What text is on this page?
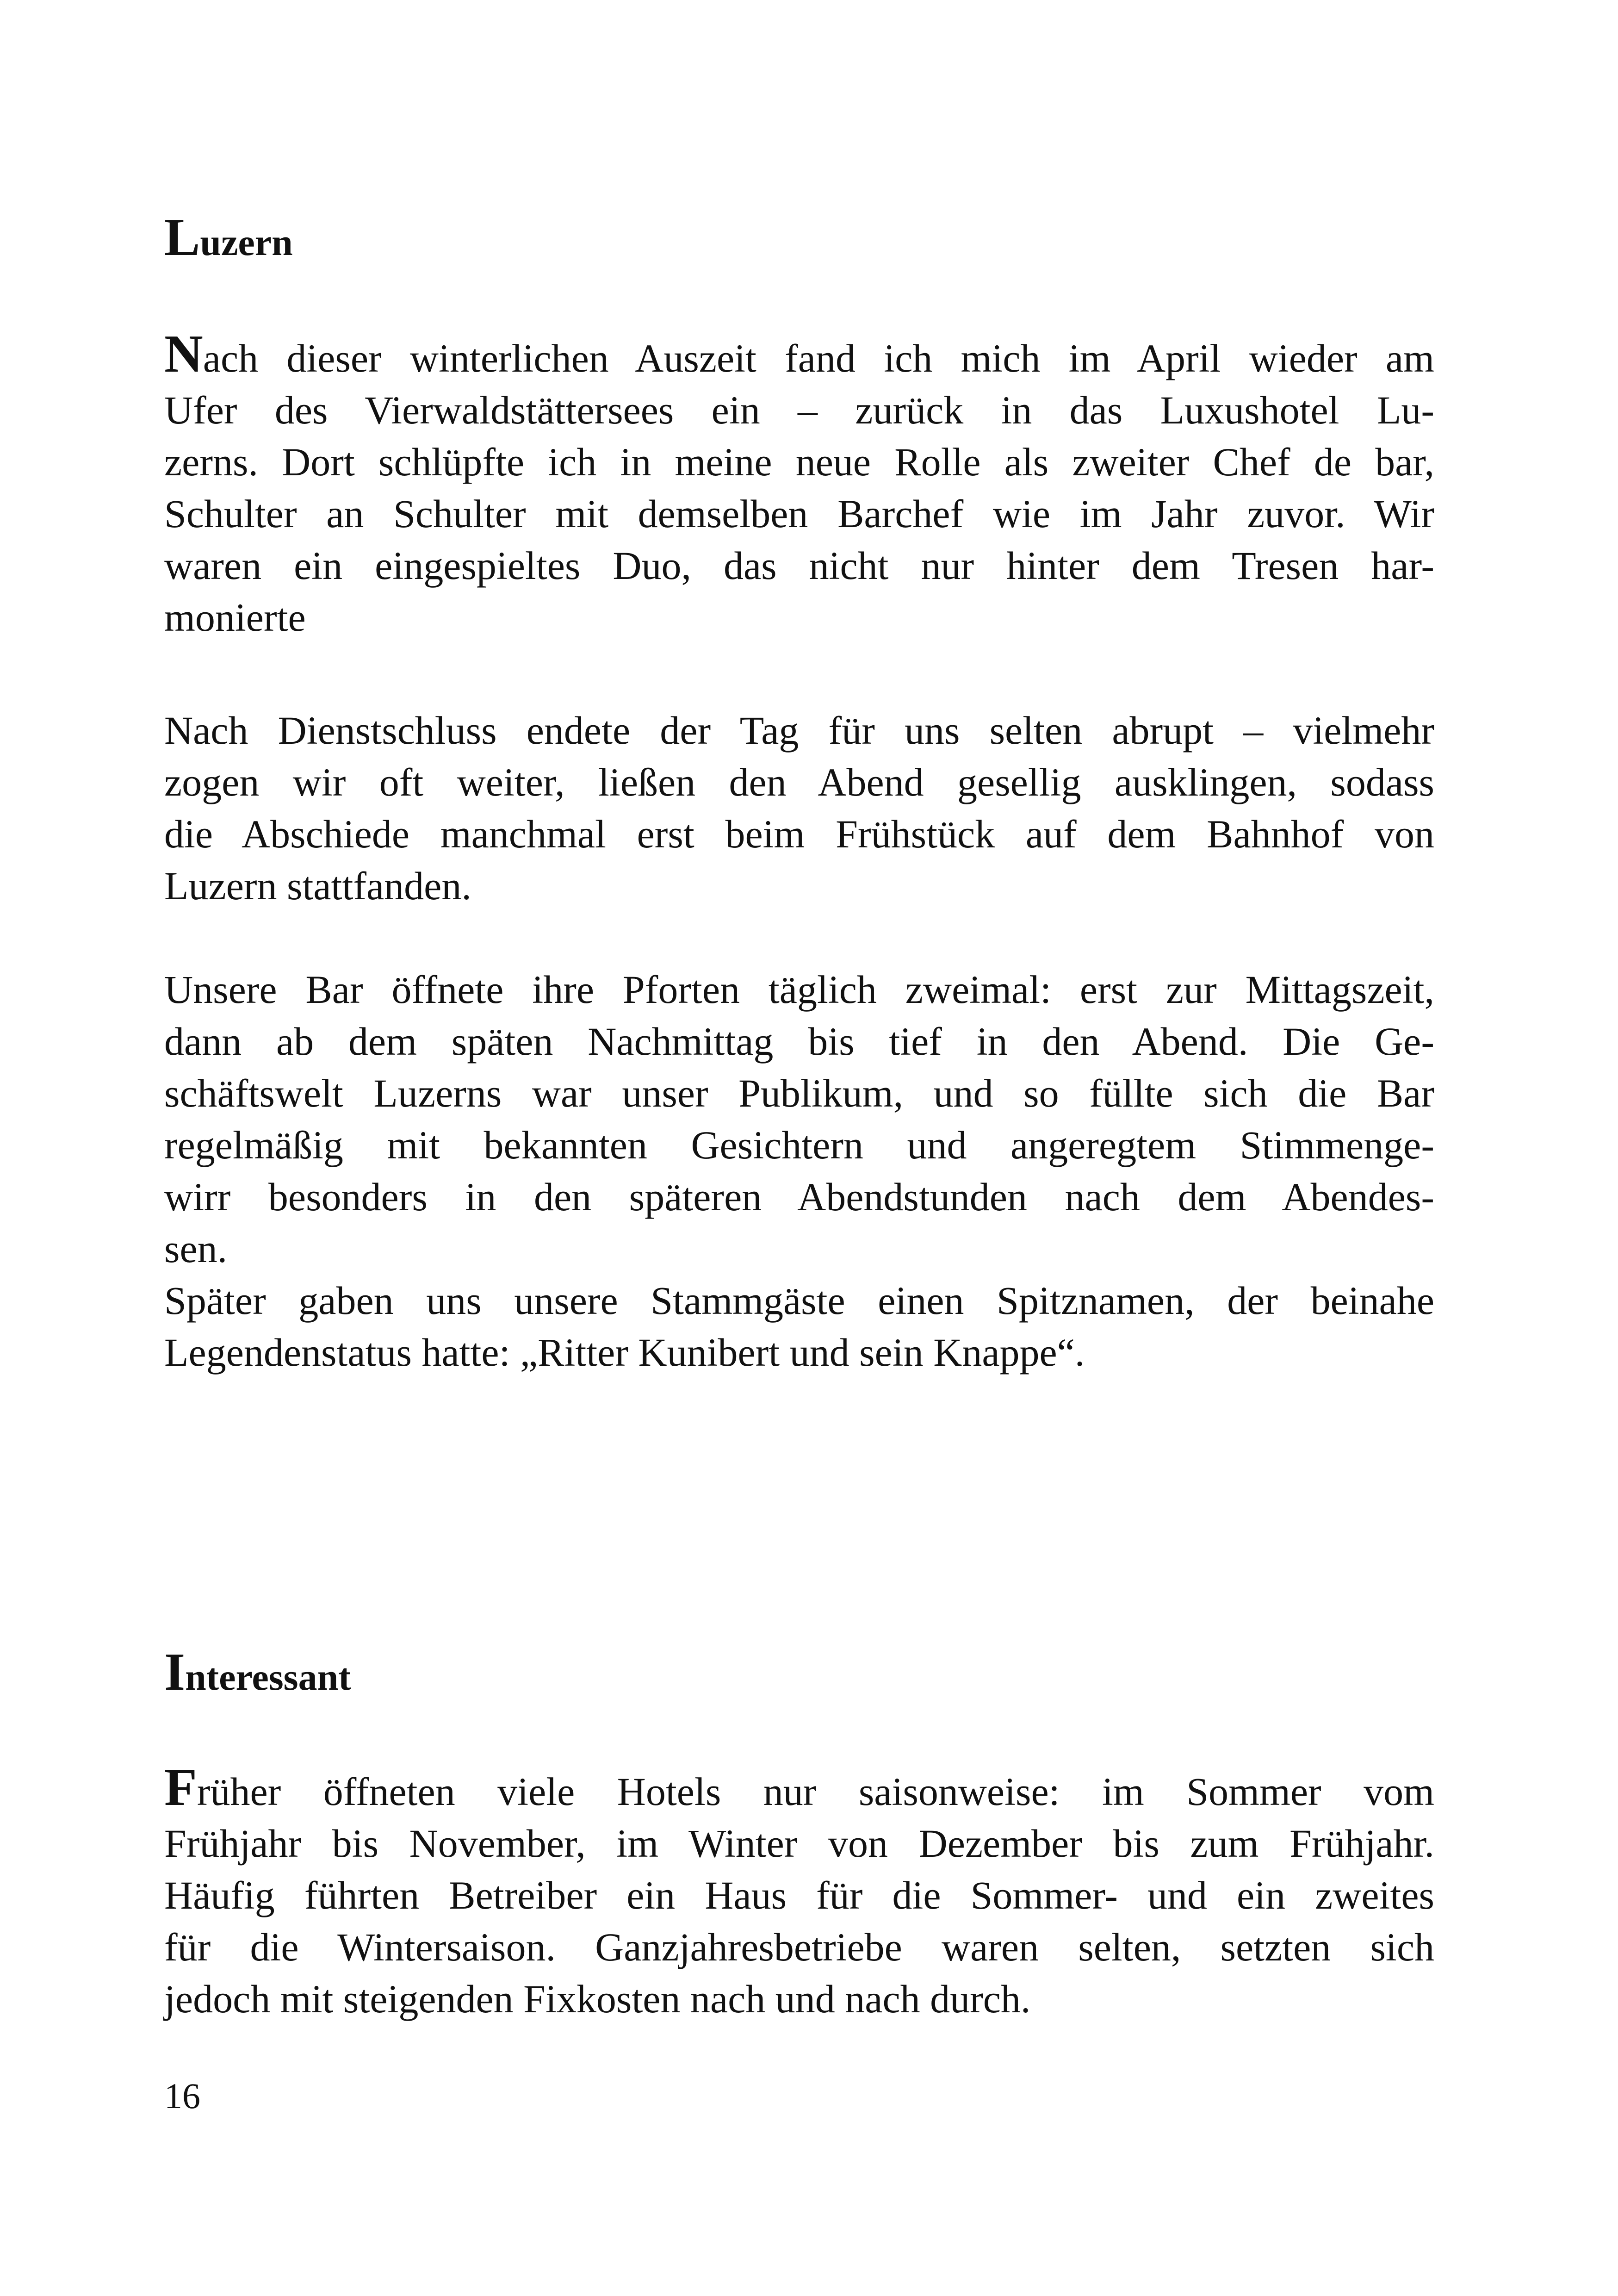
Luzern

Nach dieser winterlichen Auszeit fand ich mich im April wieder am
Ufer des Vierwaldstättersees ein – zurück in das Luxushotel Lu-
zerns. Dort schlüpfte ich in meine neue Rolle als zweiter Chef de bar,
Schulter an Schulter mit demselben Barchef wie im Jahr zuvor. Wir
waren ein eingespieltes Duo, das nicht nur hinter dem Tresen har-
monierte

Nach Dienstschluss endete der Tag für uns selten abrupt – vielmehr
zogen wir oft weiter, ließen den Abend gesellig ausklingen, sodass
die Abschiede manchmal erst beim Frühstück auf dem Bahnhof von
Luzern stattfanden.

Unsere Bar öffnete ihre Pforten täglich zweimal: erst zur Mittagszeit,
dann ab dem späten Nachmittag bis tief in den Abend. Die Ge-
schäftswelt Luzerns war unser Publikum, und so füllte sich die Bar
regelmäßig mit bekannten Gesichtern und angeregtem Stimmenge-
wirr besonders in den späteren Abendstunden nach dem Abendes-
sen.
Später gaben uns unsere Stammgäste einen Spitznamen, der beinahe
Legendenstatus hatte: „Ritter Kunibert und sein Knappe“.

Interessant

Früher öffneten viele Hotels nur saisonweise: im Sommer vom
Frühjahr bis November, im Winter von Dezember bis zum Frühjahr.
Häufig führten Betreiber ein Haus für die Sommer- und ein zweites
für die Wintersaison. Ganzjahresbetriebe waren selten, setzten sich
jedoch mit steigenden Fixkosten nach und nach durch.

16
